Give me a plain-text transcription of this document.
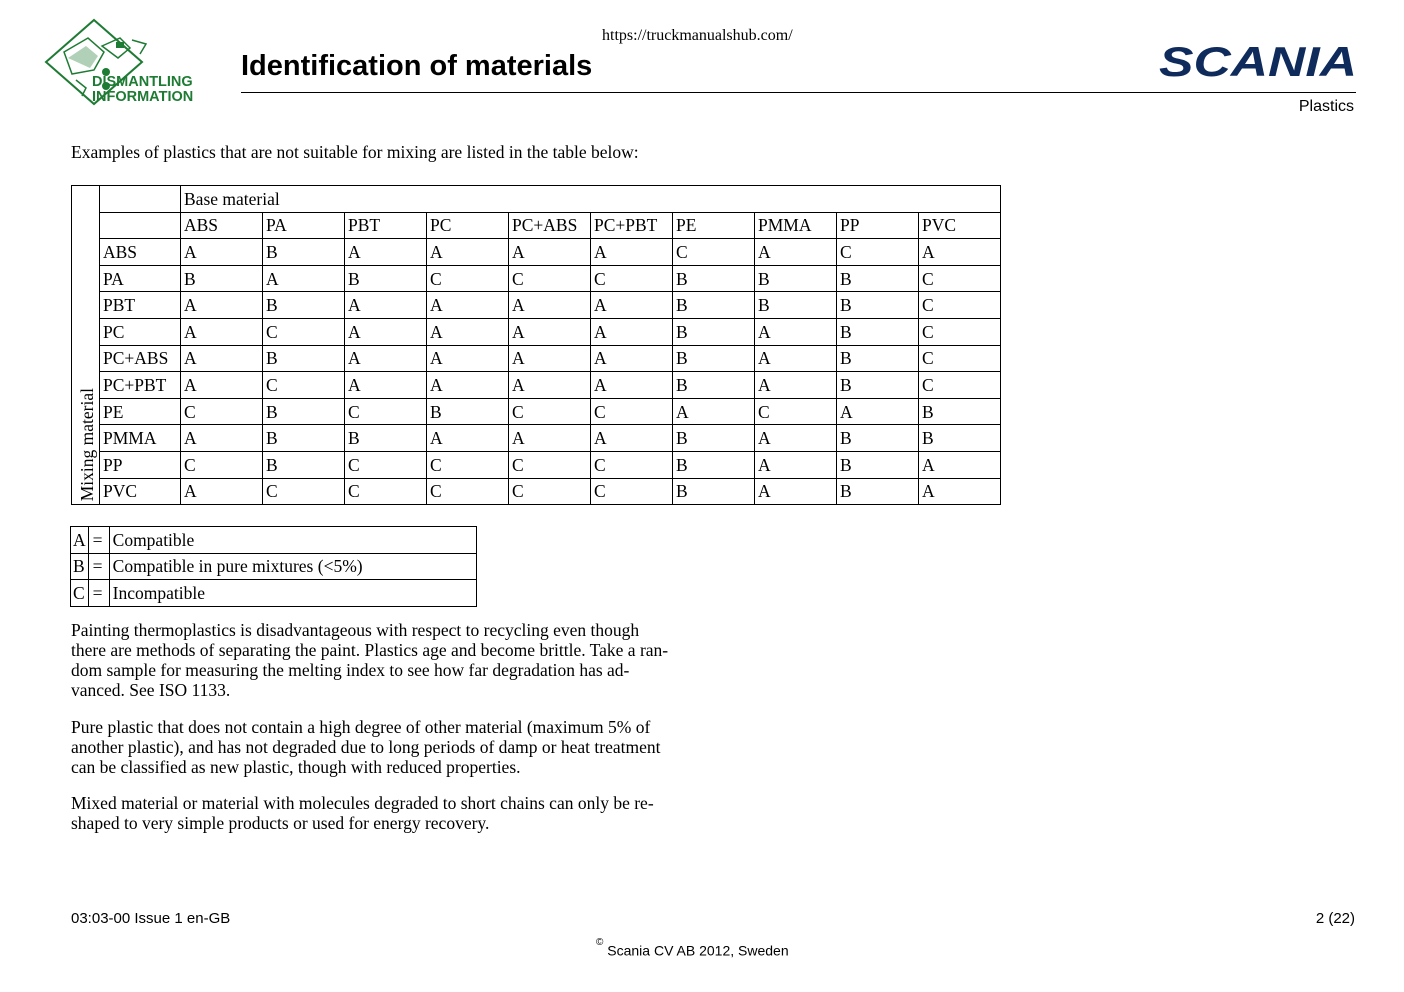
https://truckmanualshub.com/
DISMANTLING
INFORMATION
Identification of materials	SCANIA
Plastics

Examples of plastics that are not suitable for mixing are listed in the table below:

Mixing material		Base material									
		ABS	PA	PBT	PC	PC+ABS	PC+PBT	PE	PMMA	PP	PVC
	ABS	A	B	A	A	A	A	C	A	C	A
	PA	B	A	B	C	C	C	B	B	B	C
	PBT	A	B	A	A	A	A	B	B	B	C
	PC	A	C	A	A	A	A	B	A	B	C
	PC+ABS	A	B	A	A	A	A	B	A	B	C
	PC+PBT	A	C	A	A	A	A	B	A	B	C
	PE	C	B	C	B	C	C	A	C	A	B
	PMMA	A	B	B	A	A	A	B	A	B	B
	PP	C	B	C	C	C	C	B	A	B	A
	PVC	A	C	C	C	C	C	B	A	B	A
A	=	Compatible
B	=	Compatible in pure mixtures (<5%)
C	=	Incompatible

Painting thermoplastics is disadvantageous with respect to recycling even though
there are methods of separating the paint. Plastics age and become brittle. Take a ran-
dom sample for measuring the melting index to see how far degradation has ad-
vanced. See ISO 1133.

Pure plastic that does not contain a high degree of other material (maximum 5% of
another plastic), and has not degraded due to long periods of damp or heat treatment
can be classified as new plastic, though with reduced properties.

Mixed material or material with molecules degraded to short chains can only be re-
shaped to very simple products or used for energy recovery.

03:03-00 Issue 1 en-GB	2 (22)
© Scania CV AB 2012, Sweden
